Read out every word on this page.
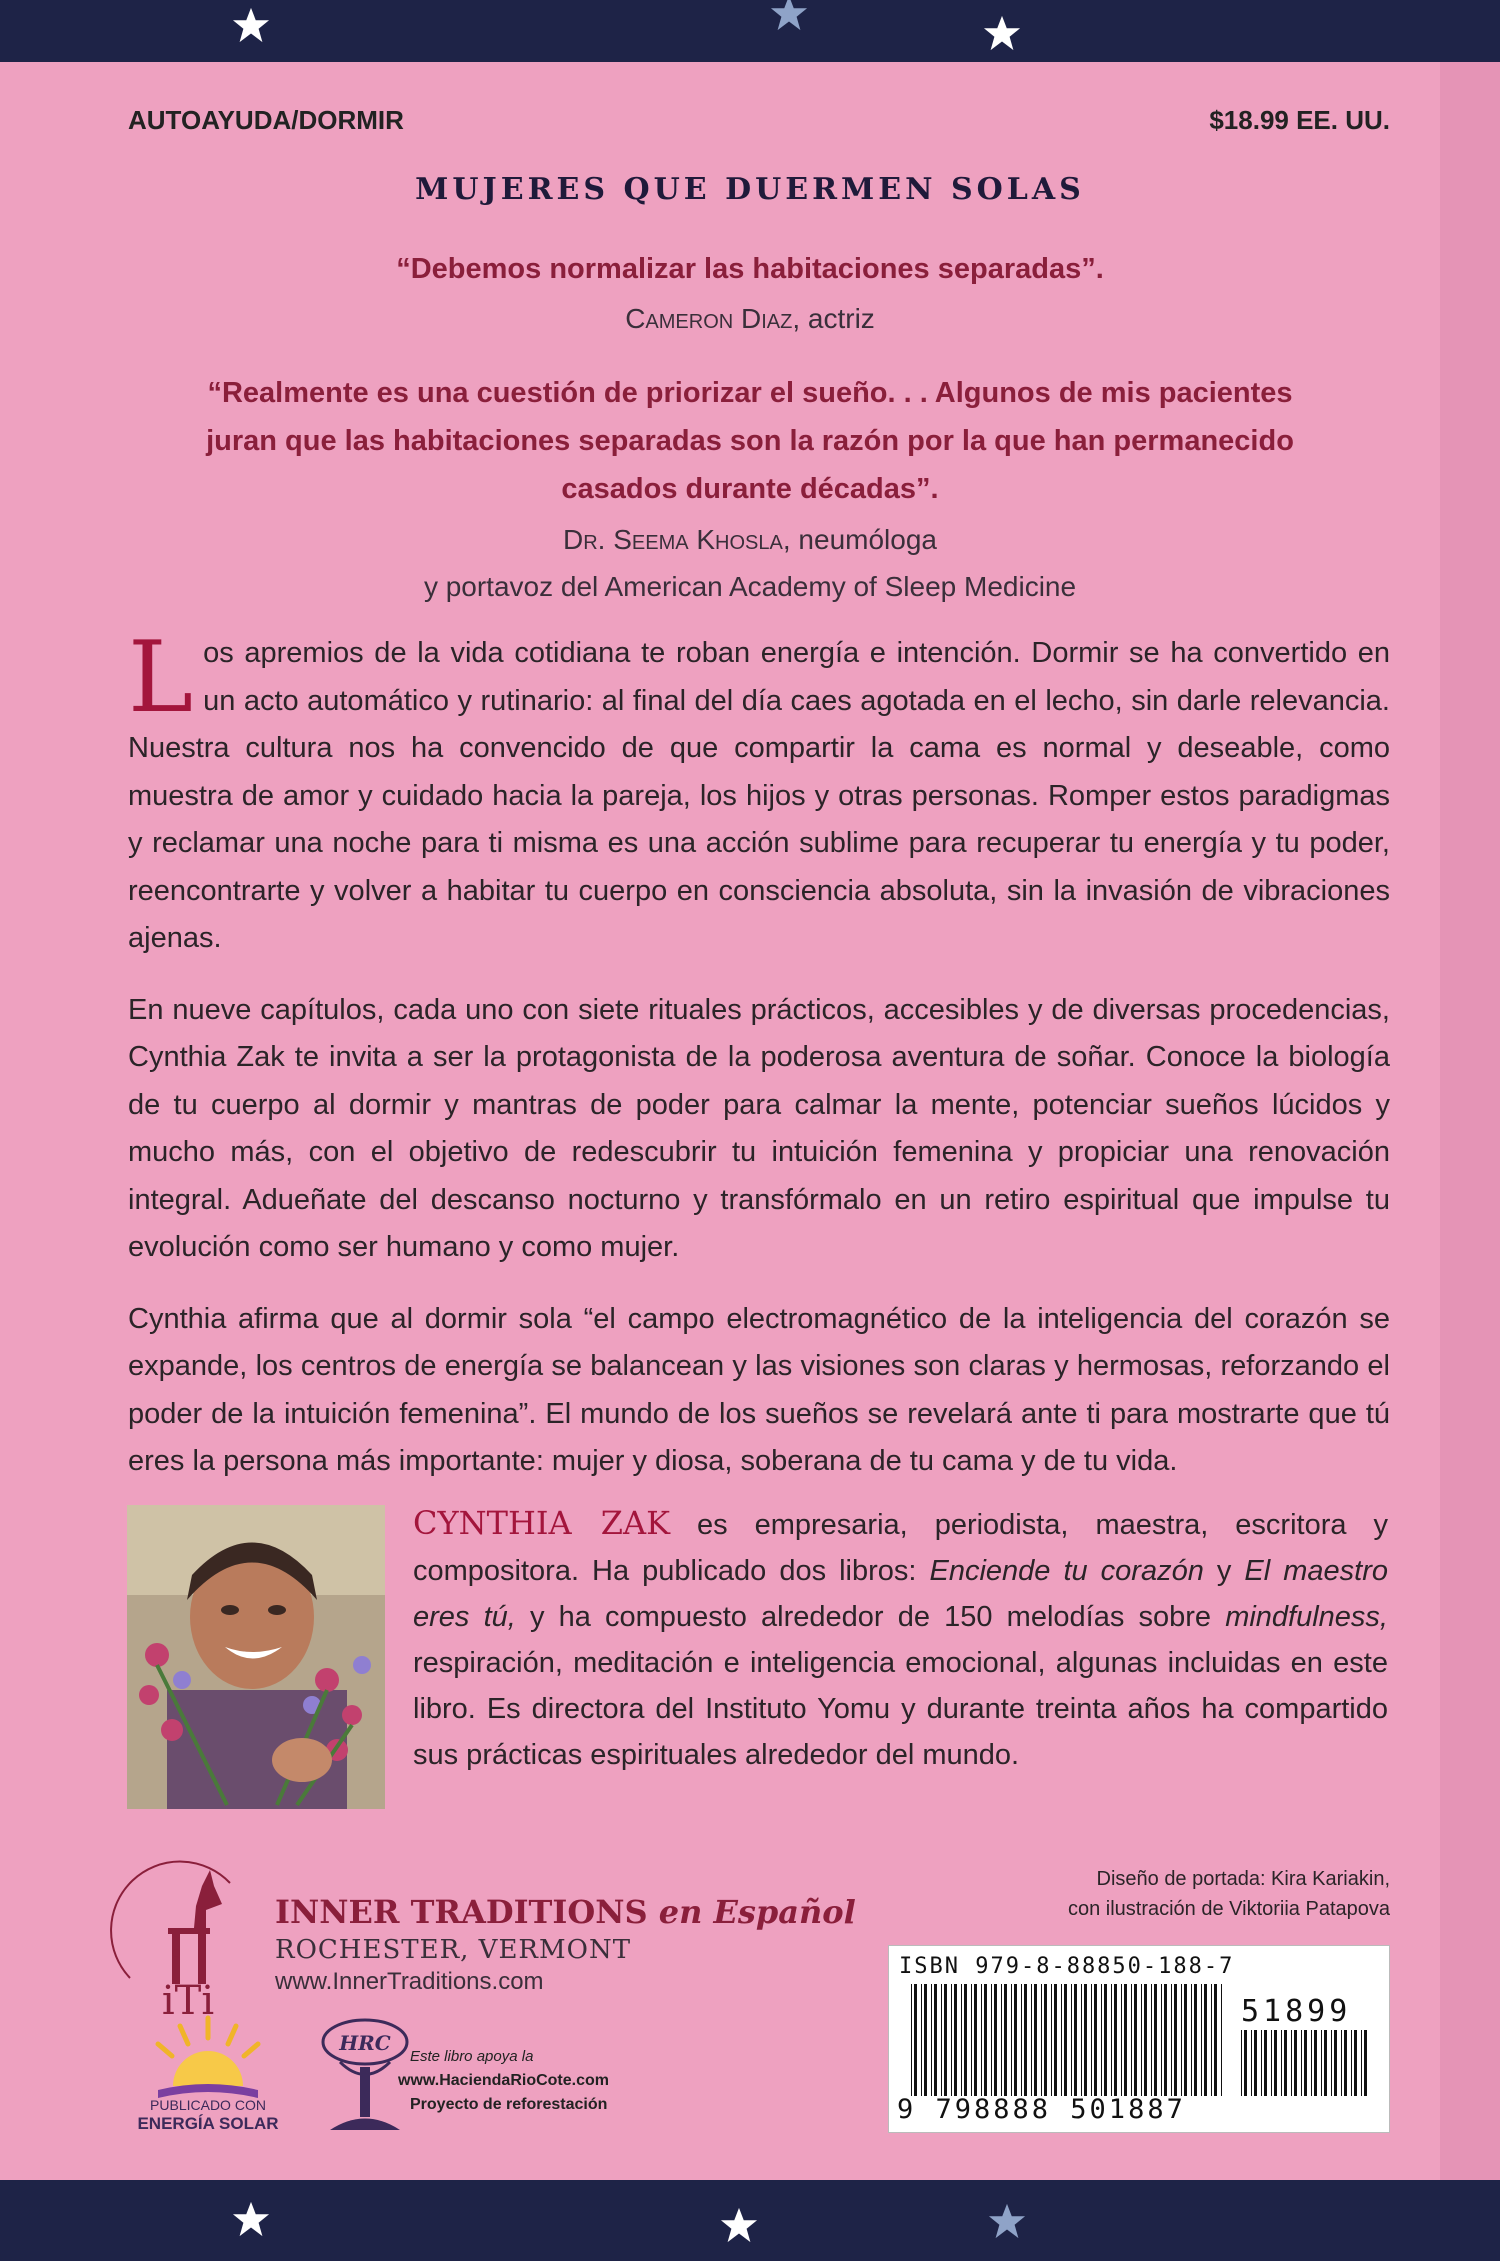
AUTOAYUDA/DORMIR	$18.99 EE. UU.
MUJERES QUE DUERMEN SOLAS
“Debemos normalizar las habitaciones separadas”.
Cameron Diaz, actriz
“Realmente es una cuestión de priorizar el sueño. . . Algunos de mis pacientes
juran que las habitaciones separadas son la razón por la que han permanecido
casados durante décadas”.
Dr. Seema Khosla, neumóloga
y portavoz del American Academy of Sleep Medicine

Los apremios de la vida cotidiana te roban energía e intención. Dormir se ha convertido en un acto automático y rutinario: al final del día caes agotada en el lecho, sin darle relevancia. Nuestra cultura nos ha convencido de que compartir la cama es normal y deseable, como muestra de amor y cuidado hacia la pareja, los hijos y otras personas. Romper estos paradigmas y reclamar una noche para ti misma es una acción sublime para recuperar tu energía y tu poder, reencontrarte y volver a habitar tu cuerpo en consciencia absoluta, sin la invasión de vibraciones ajenas.

En nueve capítulos, cada uno con siete rituales prácticos, accesibles y de diversas procedencias, Cynthia Zak te invita a ser la protagonista de la poderosa aventura de soñar. Conoce la biología de tu cuerpo al dormir y mantras de poder para calmar la mente, potenciar sueños lúcidos y mucho más, con el objetivo de redescubrir tu intuición femenina y propiciar una renovación integral. Adueñate del descanso nocturno y transfórmalo en un retiro espiritual que impulse tu evolución como ser humano y como mujer.

Cynthia afirma que al dormir sola “el campo electromagnético de la inteligencia del corazón se expande, los centros de energía se balancean y las visiones son claras y hermosas, reforzando el poder de la intuición femenina”. El mundo de los sueños se revelará ante ti para mostrarte que tú eres la persona más importante: mujer y diosa, soberana de tu cama y de tu vida.

CYNTHIA ZAK es empresaria, periodista, maestra, escritora y compositora. Ha publicado dos libros: Enciende tu corazón y El maestro eres tú, y ha compuesto alrededor de 150 melodías sobre mindfulness, respiración, meditación e inteligencia emocional, algunas incluidas en este libro. Es directora del Instituto Yomu y durante treinta años ha compartido sus prácticas espirituales alrededor del mundo.
iTi
INNER TRADITIONS en Español
ROCHESTER, VERMONT
www.InnerTraditions.com
PUBLICADO CON
ENERGÍA SOLAR
HRC
Este libro apoya la
www.HaciendaRioCote.com
Proyecto de reforestación
Diseño de portada: Kira Kariakin,
con ilustración de Viktoriia Patapova
ISBN 979-8-88850-188-7
51899
9 798888 501887
